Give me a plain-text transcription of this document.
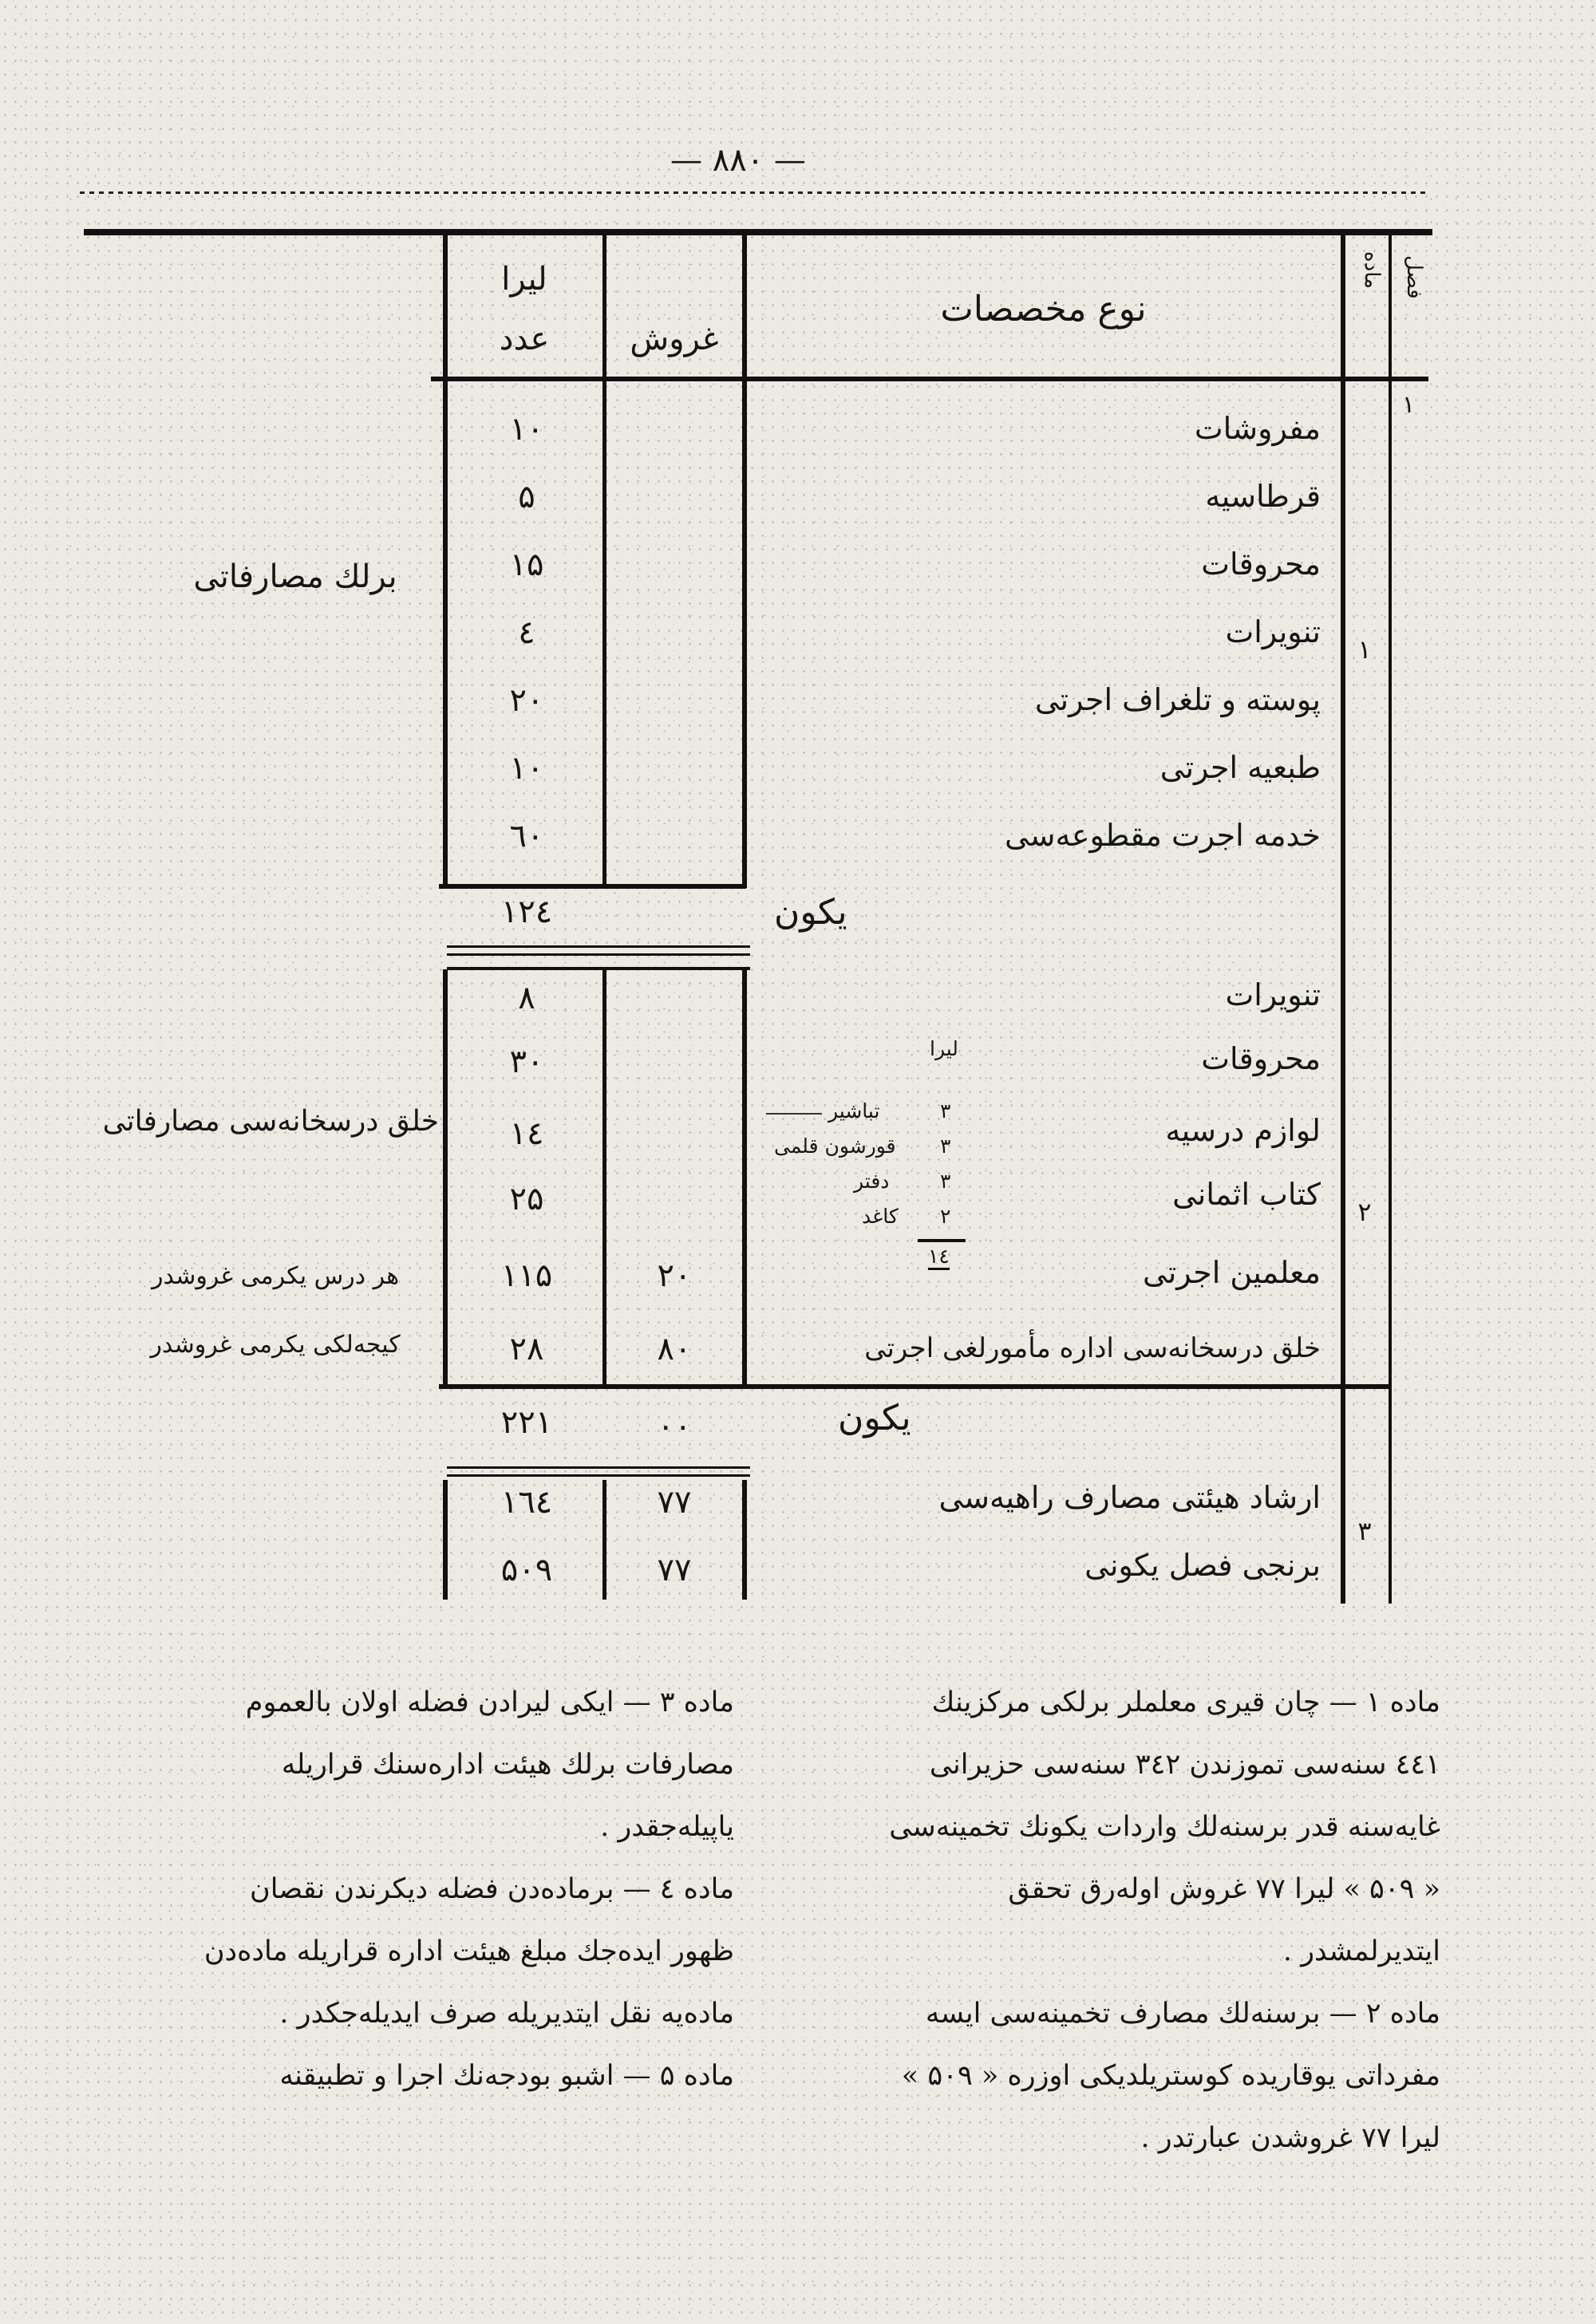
— ۸۸۰ —
فصل
ماده
نوع مخصصات
غروش
لیرا
عدد
۱
۱
برلك مصارفاتی
مفروشات
۱۰
قرطاسیه
۵
محروقات
۱۵
تنویرات
٤
پوسته و تلغراف اجرتی
۲۰
طبعیه اجرتی
۱۰
خدمه اجرت مقطوعه‌سی
٦۰
یکون
۱۲٤
۲
خلق درسخانه‌سی مصارفاتی
تنویرات
۸
محروقات
۳۰
لوازم درسیه
۱٤
کتاب اثمانی
۲۵
معلمین اجرتی
۲۰
۱۱۵
هر درس یکرمی غروشدر
خلق درسخانه‌سی اداره مأمورلغی اجرتی
۸۰
۲۸
کیجه‌لکی یکرمی غروشدر
لیرا
۳
تباشیر
۳
قورشون قلمی
۳
دفتر
۲
کاغد
۱٤
یکون
۰۰
۲۲۱
۳
ارشاد هیئتی مصارف راهیه‌سی
۷۷
۱٦٤
برنجی فصل یکونی
۷۷
۵۰۹

ماده ۱ — چان قیری معلملر برلکی مرکزینك

٤٤۱ سنه‌سی تموزندن ۳٤۲ سنه‌سی حزیرانی

غایه‌سنه قدر برسنه‌لك واردات یکونك تخمینه‌سی

« ۵۰۹ » لیرا ۷۷ غروش اوله‌رق تحقق

ایتدیرلمشدر .

ماده ۲ — برسنه‌لك مصارف تخمینه‌سی ایسه

مفرداتی یوقاریده کوستریلدیکی اوزره « ۵۰۹ »

لیرا ۷۷ غروشدن عبارتدر .

ماده ۳ — ایکی لیرادن فضله اولان بالعموم

مصارفات برلك هیئت اداره‌سنك قراریله

یاپیله‌جقدر .

ماده ٤ — برماده‌دن فضله دیکرندن نقصان

ظهور ایده‌جك مبلغ هیئت اداره قراریله ماده‌دن

ماده‌یه نقل ایتدیریله صرف ایدیله‌جکدر .

ماده ۵ — اشبو بودجه‌نك اجرا و تطبیقنه
